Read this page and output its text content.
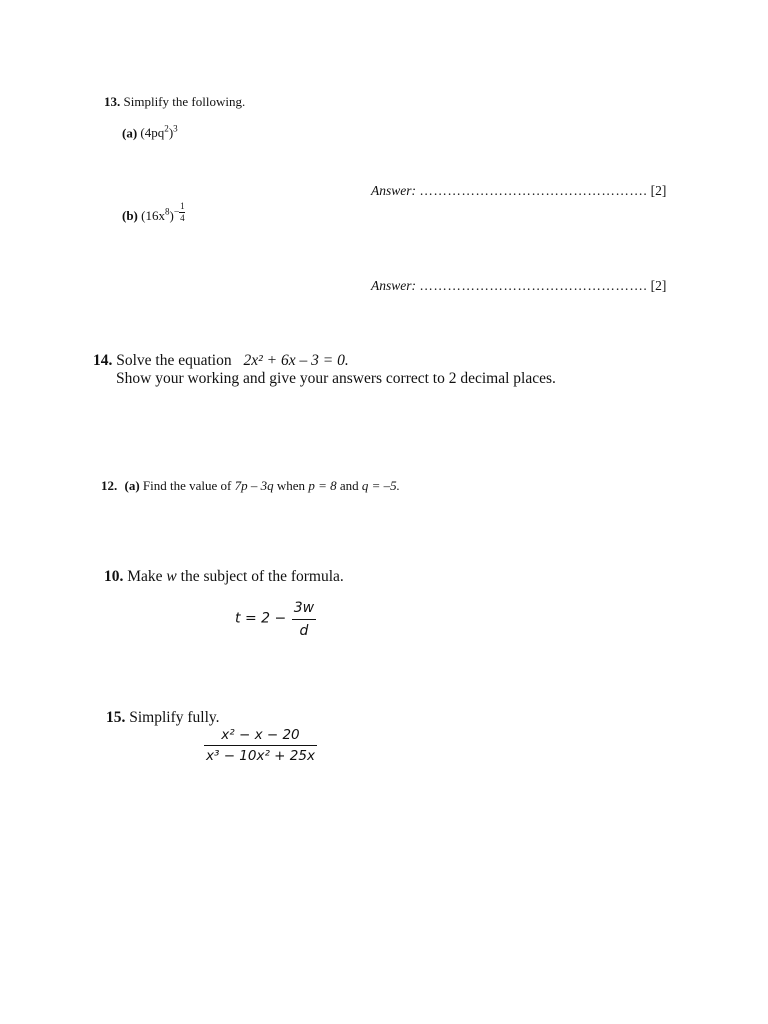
13. Simplify the following.
(a) $(4pq^2)^3$
Answer: …………………………………………. [2]
(b) $(16x^8)^{- \frac{1}{4}}$
Answer: …………………………………………. [2]
14. Solve the equation 2x² + 6x – 3 = 0.
Show your working and give your answers correct to 2 decimal places.
12. (a) Find the value of 7p – 3q when p = 8 and q = –5.
10. Make w the subject of the formula.
$t = 2 - \frac{3w}{d}$
15. Simplify fully.
$\frac{\text{x² − x − 20}}{\text{x³ − 10x² + 25x}}$
